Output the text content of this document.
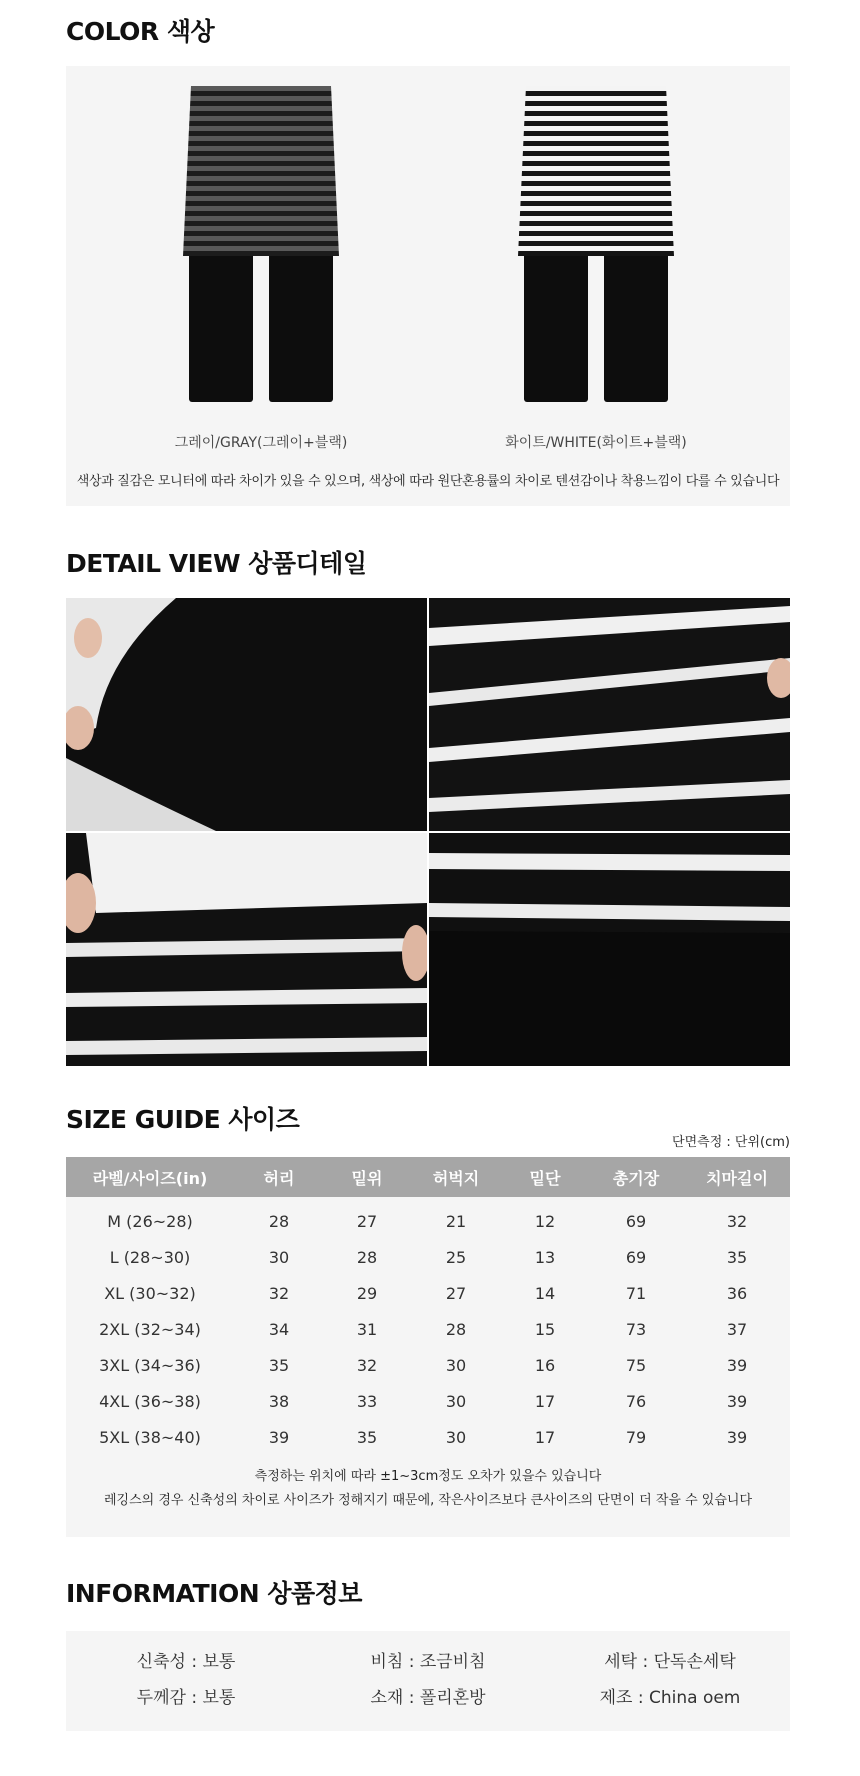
COLOR 색상
그레이/GRAY(그레이+블랙)	화이트/WHITE(화이트+블랙)
색상과 질감은 모니터에 따라 차이가 있을 수 있으며, 색상에 따라 원단혼용률의 차이로 텐션감이나 착용느낌이 다를 수 있습니다
DETAIL VIEW 상품디테일
SIZE GUIDE 사이즈
단면측정 : 단위(cm)
라벨/사이즈(in)	허리	밑위	허벅지	밑단	총기장	치마길이
M (26~28)	28	27	21	12	69	32
L (28~30)	30	28	25	13	69	35
XL (30~32)	32	29	27	14	71	36
2XL (32~34)	34	31	28	15	73	37
3XL (34~36)	35	32	30	16	75	39
4XL (36~38)	38	33	30	17	76	39
5XL (38~40)	39	35	30	17	79	39
측정하는 위치에 따라 ±1~3cm정도 오차가 있을수 있습니다
레깅스의 경우 신축성의 차이로 사이즈가 정해지기 때문에, 작은사이즈보다 큰사이즈의 단면이 더 작을 수 있습니다
INFORMATION 상품정보
신축성 : 보통	비침 : 조금비침	세탁 : 단독손세탁
두께감 : 보통	소재 : 폴리혼방	제조 : China oem
